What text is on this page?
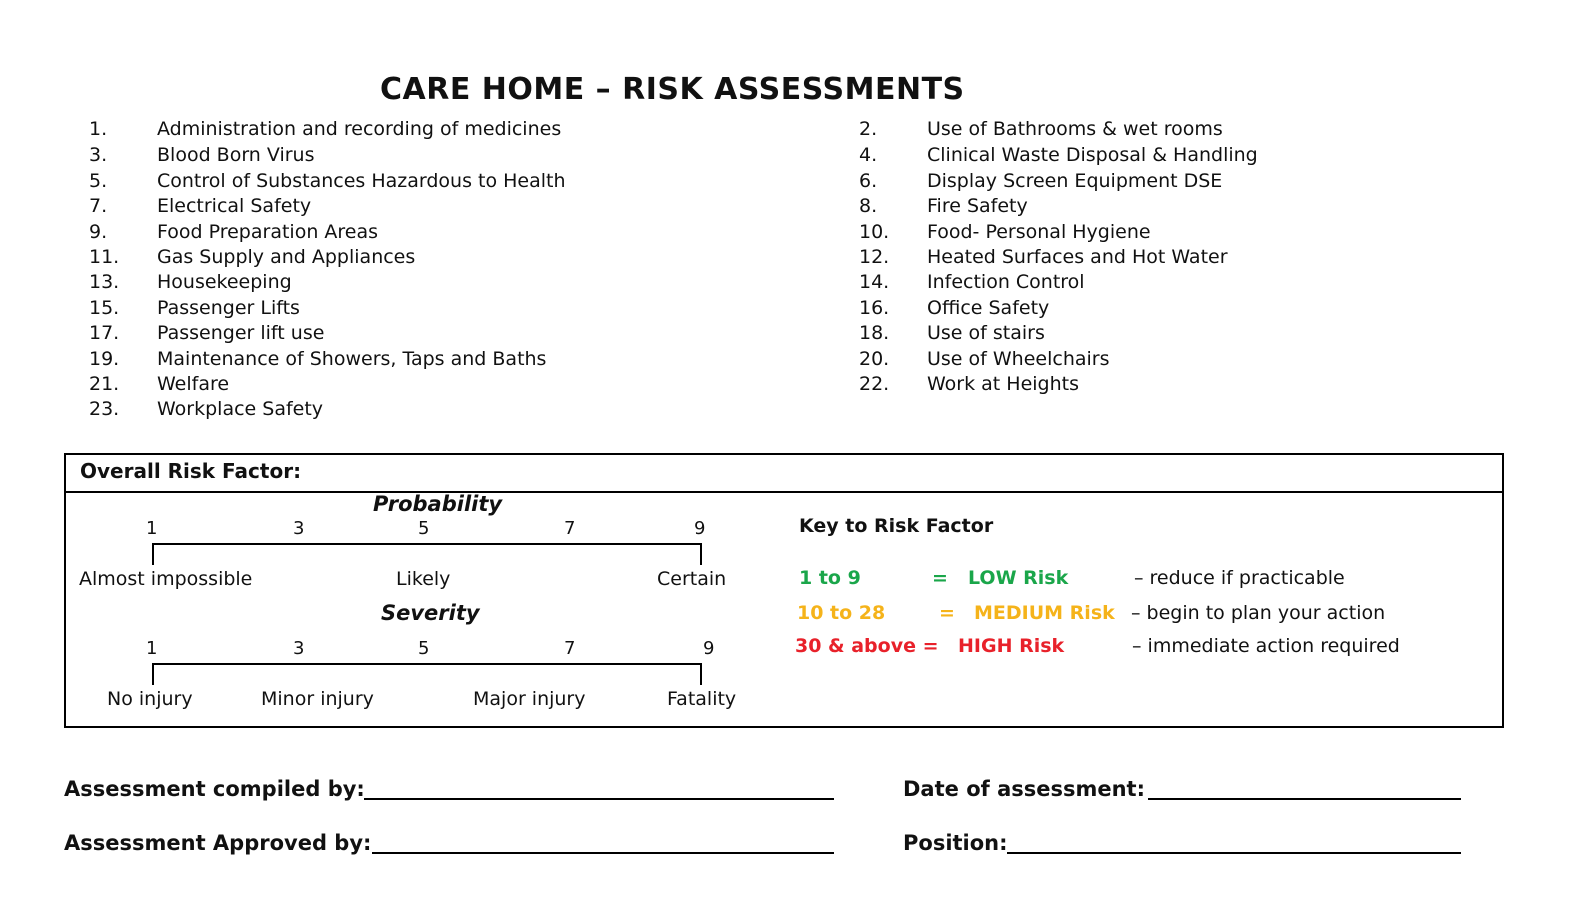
CARE HOME – RISK ASSESSMENTS
1.	Administration and recording of medicines	2.	Use of Bathrooms & wet rooms
3.	Blood Born Virus	4.	Clinical Waste Disposal & Handling
5.	Control of Substances Hazardous to Health	6.	Display Screen Equipment DSE
7.	Electrical Safety	8.	Fire Safety
9.	Food Preparation Areas	10. Food- Personal Hygiene
11. Gas Supply and Appliances	12. Heated Surfaces and Hot Water
13. Housekeeping	14. Infection Control
15. Passenger Lifts	16. Office Safety
17. Passenger lift use	18. Use of stairs
19. Maintenance of Showers, Taps and Baths	20. Use of Wheelchairs
21. Welfare	22. Work at Heights
23. Workplace Safety
Overall Risk Factor:
Probability
1	3	5	7	9
Almost impossible	Likely	Certain
Severity
1	3	5	7	9
No injury	Minor injury	Major injury	Fatality
Key to Risk Factor
1 to 9	= LOW Risk	– reduce if practicable
10 to 28	= MEDIUM Risk – begin to plan your action
30 & above = HIGH Risk	– immediate action required
Assessment compiled by:
Assessment Approved by:
Date of assessment:
Position:
